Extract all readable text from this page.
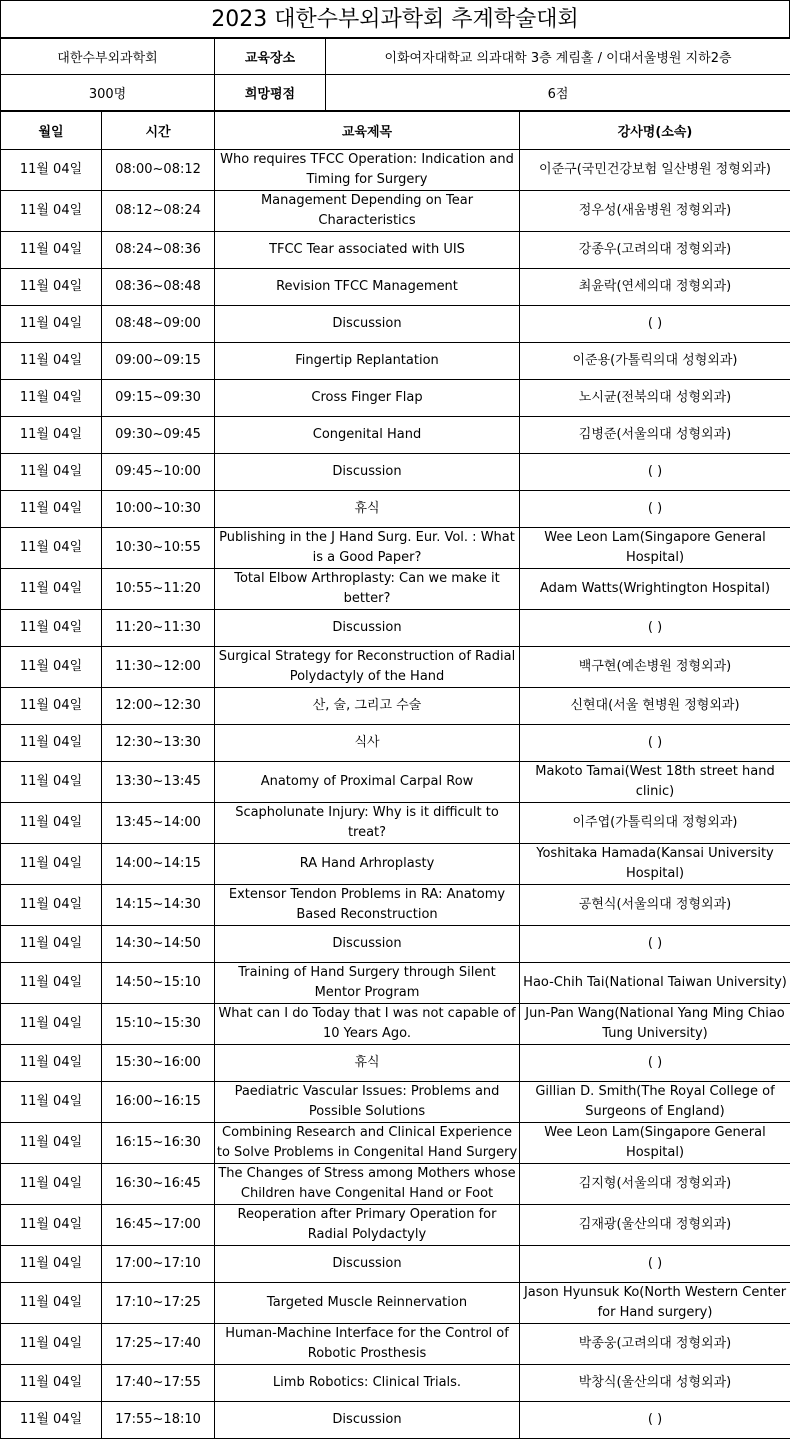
2023 대한수부외과학회 추계학술대회
대한수부외과학회	교육장소	이화여자대학교 의과대학 3층 계림홀 / 이대서울병원 지하2층
300명	희망평점	6점
월일	시간	교육제목	강사명(소속)
11월 04일	08:00~08:12	Who requires TFCC Operation: Indication and Timing for Surgery	이준구(국민건강보험 일산병원 정형외과)
11월 04일	08:12~08:24	Management Depending on Tear Characteristics	정우성(새움병원 정형외과)
11월 04일	08:24~08:36	TFCC Tear associated with UIS	강종우(고려의대 정형외과)
11월 04일	08:36~08:48	Revision TFCC Management	최윤락(연세의대 정형외과)
11월 04일	08:48~09:00	Discussion	( )
11월 04일	09:00~09:15	Fingertip Replantation	이준용(가톨릭의대 성형외과)
11월 04일	09:15~09:30	Cross Finger Flap	노시균(전북의대 성형외과)
11월 04일	09:30~09:45	Congenital Hand	김병준(서울의대 성형외과)
11월 04일	09:45~10:00	Discussion	( )
11월 04일	10:00~10:30	휴식	( )
11월 04일	10:30~10:55	Publishing in the J Hand Surg. Eur. Vol. : What is a Good Paper?	Wee Leon Lam(Singapore General Hospital)
11월 04일	10:55~11:20	Total Elbow Arthroplasty: Can we make it better?	Adam Watts(Wrightington Hospital)
11월 04일	11:20~11:30	Discussion	( )
11월 04일	11:30~12:00	Surgical Strategy for Reconstruction of Radial Polydactyly of the Hand	백구현(예손병원 정형외과)
11월 04일	12:00~12:30	산, 술, 그리고 수술	신현대(서울 현병원 정형외과)
11월 04일	12:30~13:30	식사	( )
11월 04일	13:30~13:45	Anatomy of Proximal Carpal Row	Makoto Tamai(West 18th street hand clinic)
11월 04일	13:45~14:00	Scapholunate Injury: Why is it difficult to treat?	이주엽(가톨릭의대 정형외과)
11월 04일	14:00~14:15	RA Hand Arhroplasty	Yoshitaka Hamada(Kansai University Hospital)
11월 04일	14:15~14:30	Extensor Tendon Problems in RA: Anatomy Based Reconstruction	공현식(서울의대 정형외과)
11월 04일	14:30~14:50	Discussion	( )
11월 04일	14:50~15:10	Training of Hand Surgery through Silent Mentor Program	Hao-Chih Tai(National Taiwan University)
11월 04일	15:10~15:30	What can I do Today that I was not capable of 10 Years Ago.	Jun-Pan Wang(National Yang Ming Chiao Tung University)
11월 04일	15:30~16:00	휴식	( )
11월 04일	16:00~16:15	Paediatric Vascular Issues: Problems and Possible Solutions	Gillian D. Smith(The Royal College of Surgeons of England)
11월 04일	16:15~16:30	Combining Research and Clinical Experience to Solve Problems in Congenital Hand Surgery	Wee Leon Lam(Singapore General Hospital)
11월 04일	16:30~16:45	The Changes of Stress among Mothers whose Children have Congenital Hand or Foot	김지형(서울의대 정형외과)
11월 04일	16:45~17:00	Reoperation after Primary Operation for Radial Polydactyly	김재광(울산의대 정형외과)
11월 04일	17:00~17:10	Discussion	( )
11월 04일	17:10~17:25	Targeted Muscle Reinnervation	Jason Hyunsuk Ko(North Western Center for Hand surgery)
11월 04일	17:25~17:40	Human-Machine Interface for the Control of Robotic Prosthesis	박종웅(고려의대 정형외과)
11월 04일	17:40~17:55	Limb Robotics: Clinical Trials.	박창식(울산의대 성형외과)
11월 04일	17:55~18:10	Discussion	( )
